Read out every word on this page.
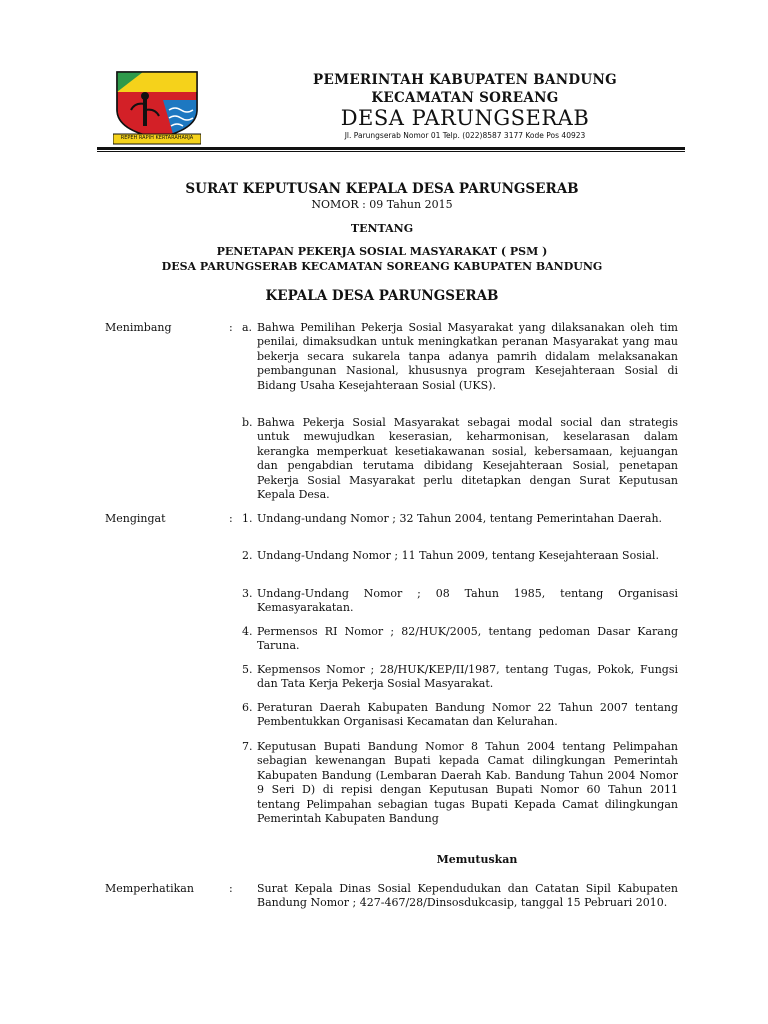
REPEH RAPIH KERTARAHARJA
PEMERINTAH KABUPATEN BANDUNG
KECAMATAN SOREANG
DESA PARUNGSERAB
Jl. Parungserab Nomor 01 Telp. (022)8587 3177 Kode Pos 40923
SURAT KEPUTUSAN KEPALA DESA PARUNGSERAB
NOMOR : 09 Tahun 2015
TENTANG
PENETAPAN PEKERJA SOSIAL MASYARAKAT ( PSM )
DESA PARUNGSERAB KECAMATAN SOREANG KABUPATEN BANDUNG
KEPALA DESA PARUNGSERAB
Menimbang	: a. Bahwa Pemilihan Pekerja Sosial Masyarakat yang dilaksanakan oleh tim penilai, dimaksudkan untuk meningkatkan peranan Masyarakat yang mau bekerja secara sukarela tanpa adanya pamrih didalam melaksanakan pembangunan Nasional, khususnya program Kesejahteraan Sosial di Bidang Usaha Kesejahteraan Sosial (UKS).
b. Bahwa Pekerja Sosial Masyarakat sebagai modal social dan strategis untuk mewujudkan keserasian, keharmonisan, keselarasan dalam kerangka memperkuat kesetiakawanan sosial, kebersamaan, kejuangan dan pengabdian terutama dibidang Kesejahteraan Sosial, penetapan Pekerja Sosial Masyarakat perlu ditetapkan dengan Surat Keputusan Kepala Desa.
Mengingat	: 1. Undang-undang Nomor ; 32 Tahun 2004, tentang Pemerintahan Daerah.
2. Undang-Undang Nomor ; 11 Tahun 2009, tentang Kesejahteraan Sosial.
3. Undang-Undang Nomor ; 08 Tahun 1985, tentang Organisasi Kemasyarakatan.
4. Permensos RI Nomor ; 82/HUK/2005, tentang pedoman Dasar Karang Taruna.
5. Kepmensos Nomor ; 28/HUK/KEP/II/1987, tentang Tugas, Pokok, Fungsi dan Tata Kerja Pekerja Sosial Masyarakat.
6. Peraturan Daerah Kabupaten Bandung Nomor 22 Tahun 2007 tentang Pembentukkan Organisasi Kecamatan dan Kelurahan.
7. Keputusan Bupati Bandung Nomor 8 Tahun 2004 tentang Pelimpahan sebagian kewenangan Bupati kepada Camat dilingkungan Pemerintah Kabupaten Bandung (Lembaran Daerah Kab. Bandung Tahun 2004 Nomor 9 Seri D) di repisi dengan Keputusan Bupati Nomor 60 Tahun 2011 tentang Pelimpahan sebagian tugas Bupati Kepada Camat dilingkungan Pemerintah Kabupaten Bandung
Memutuskan
Memperhatikan	: Surat Kepala Dinas Sosial Kependudukan dan Catatan Sipil Kabupaten Bandung Nomor ; 427-467/28/Dinsosdukcasip, tanggal 15 Pebruari 2010.
